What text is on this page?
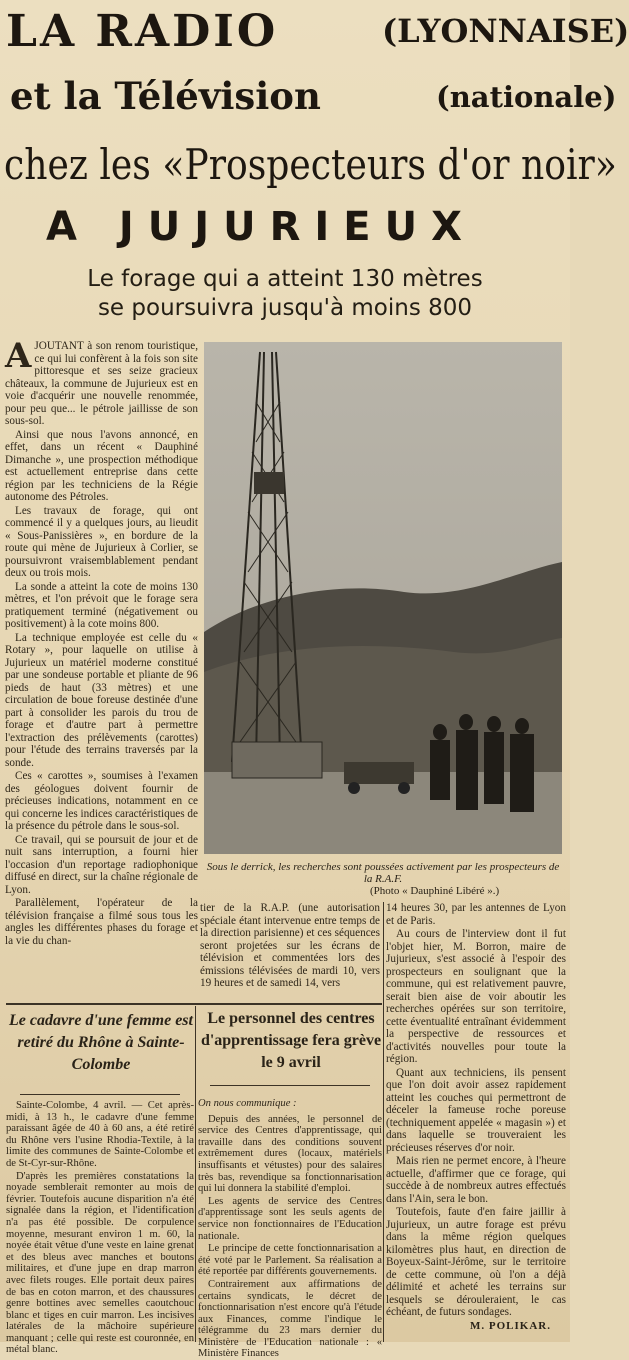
LA RADIO	(LYONNAISE)
et la Télévision	(nationale)
chez les «Prospecteurs d'or noir»
A JUJURIEUX
Le forage qui a atteint 130 mètres
se poursuivra jusqu'à moins 800

AJOUTANT à son renom touristique, ce qui lui confèrent à la fois son site pittoresque et ses seize gracieux châteaux, la commune de Jujurieux est en voie d'acquérir une nouvelle renommée, pour peu que... le pétrole jaillisse de son sous-sol.

Ainsi que nous l'avons annoncé, en effet, dans un récent « Dauphiné Dimanche », une prospection méthodique est actuellement entreprise dans cette région par les techniciens de la Régie autonome des Pétroles.

Les travaux de forage, qui ont commencé il y a quelques jours, au lieudit « Sous-Panissières », en bordure de la route qui mène de Jujurieux à Corlier, se poursuivront vraisemblablement pendant deux ou trois mois.

La sonde a atteint la cote de moins 130 mètres, et l'on prévoit que le forage sera pratiquement terminé (négativement ou positivement) à la cote moins 800.

La technique employée est celle du « Rotary », pour laquelle on utilise à Jujurieux un matériel moderne constitué par une sondeuse portable et pliante de 96 pieds de haut (33 mètres) et une circulation de boue foreuse destinée d'une part à consolider les parois du trou de forage et d'autre part à permettre l'extraction des prélèvements (carottes) pour l'étude des terrains traversés par la sonde.

Ces « carottes », soumises à l'examen des géologues doivent fournir de précieuses indications, notamment en ce qui concerne les indices caractéristiques de la présence du pétrole dans le sous-sol.

Ce travail, qui se poursuit de jour et de nuit sans interruption, a fourni hier l'occasion d'un reportage radiophonique diffusé en direct, sur la chaîne régionale de Lyon.

Parallèlement, l'opérateur de la télévision française a filmé sous tous les angles les différentes phases du forage et la vie du chan-

Sous le derrick, les recherches sont poussées activement par les prospecteurs de la R.A.F.
(Photo « Dauphiné Libéré ».)

tier de la R.A.P. (une autorisation spéciale étant intervenue entre temps de la direction parisienne) et ces séquences seront projetées sur les écrans de télévision et commentées lors des émissions télévisées de mardi 10, vers 19 heures et de samedi 14, vers

14 heures 30, par les antennes de Lyon et de Paris.

Au cours de l'interview dont il fut l'objet hier, M. Borron, maire de Jujurieux, s'est associé à l'espoir des prospecteurs en soulignant que la commune, qui est relativement pauvre, serait bien aise de voir aboutir les recherches opérées sur son territoire, cette éventualité entraînant évidemment la perspective de ressources et d'activités nouvelles pour toute la région.

Quant aux techniciens, ils pensent que l'on doit avoir assez rapidement atteint les couches qui permettront de déceler la fameuse roche poreuse (techniquement appelée « magasin ») et dans laquelle se trouveraient les précieuses réserves d'or noir.

Mais rien ne permet encore, à l'heure actuelle, d'affirmer que ce forage, qui succède à de nombreux autres effectués dans l'Ain, sera le bon.

Toutefois, faute d'en faire jaillir à Jujurieux, un autre forage est prévu dans la même région quelques kilomètres plus haut, en direction de Boyeux-Saint-Jérôme, sur le territoire de cette commune, où l'on a déjà délimité et acheté les terrains sur lesquels se dérouleraient, le cas échéant, de futurs sondages.

M. POLIKAR.
Le cadavre d'une femme est retiré du Rhône à Sainte-Colombe
Le personnel des centres d'apprentissage fera grève le 9 avril

Sainte-Colombe, 4 avril. — Cet après-midi, à 13 h., le cadavre d'une femme paraissant âgée de 40 à 60 ans, a été retiré du Rhône vers l'usine Rhodia-Textile, à la limite des communes de Sainte-Colombe et de St-Cyr-sur-Rhône.

D'après les premières constatations la noyade semblerait remonter au mois de février. Toutefois aucune disparition n'a été signalée dans la région, et l'identification n'a pas été possible. De corpulence moyenne, mesurant environ 1 m. 60, la noyée était vêtue d'une veste en laine grenat et des bleus avec manches et boutons militaires, et d'une jupe en drap marron avec filets rouges. Elle portait deux paires de bas en coton marron, et des chaussures genre bottines avec semelles caoutchouc blanc et tiges en cuir marron. Les incisives latérales de la mâchoire supérieure manquant ; celle qui reste est couronnée, en métal blanc.

On nous communique :

Depuis des années, le personnel de service des Centres d'apprentissage, qui travaille dans des conditions souvent extrêmement dures (locaux, matériels insuffisants et vétustes) pour des salaires très bas, revendique sa fonctionnarisation qui lui donnera la stabilité d'emploi.

Les agents de service des Centres d'apprentissage sont les seuls agents de service non fonctionnaires de l'Education nationale.

Le principe de cette fonctionnarisation a été voté par le Parlement. Sa réalisation a été reportée par différents gouvernements.

Contrairement aux affirmations de certains syndicats, le décret de fonctionnarisation n'est encore qu'à l'étude aux Finances, comme l'indique le télégramme du 23 mars dernier du Ministère de l'Education nationale : « Ministère Finances
